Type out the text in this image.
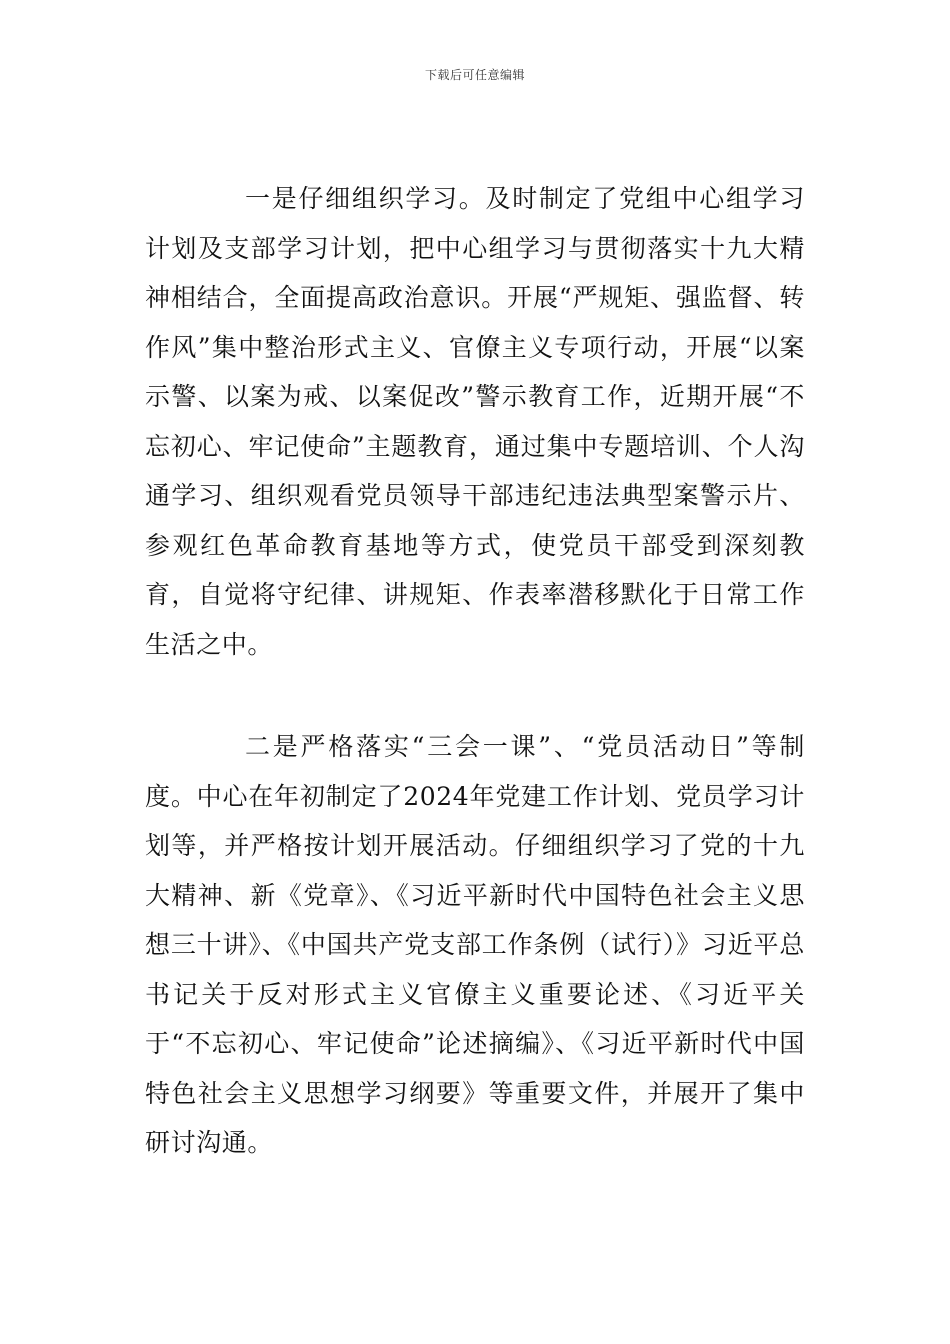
下载后可任意编辑

一是仔细组织学习。及时制定了党组中心组学习计划及支部学习计划，把中心组学习与贯彻落实十九大精神相结合，全面提高政治意识。开展“严规矩、强监督、转作风”集中整治形式主义、官僚主义专项行动，开展“以案示警、以案为戒、以案促改”警示教育工作，近期开展“不忘初心、牢记使命”主题教育，通过集中专题培训、个人沟通学习、组织观看党员领导干部违纪违法典型案警示片、参观红色革命教育基地等方式，使党员干部受到深刻教育，自觉将守纪律、讲规矩、作表率潜移默化于日常工作生活之中。

二是严格落实“三会一课”、“党员活动日”等制度。中心在年初制定了2024年党建工作计划、党员学习计划等，并严格按计划开展活动。仔细组织学习了党的十九大精神、新《党章》、《习近平新时代中国特色社会主义思想三十讲》、《中国共产党支部工作条例（试行）》习近平总书记关于反对形式主义官僚主义重要论述、《习近平关于“不忘初心、牢记使命”论述摘编》、《习近平新时代中国特色社会主义思想学习纲要》等重要文件，并展开了集中研讨沟通。
